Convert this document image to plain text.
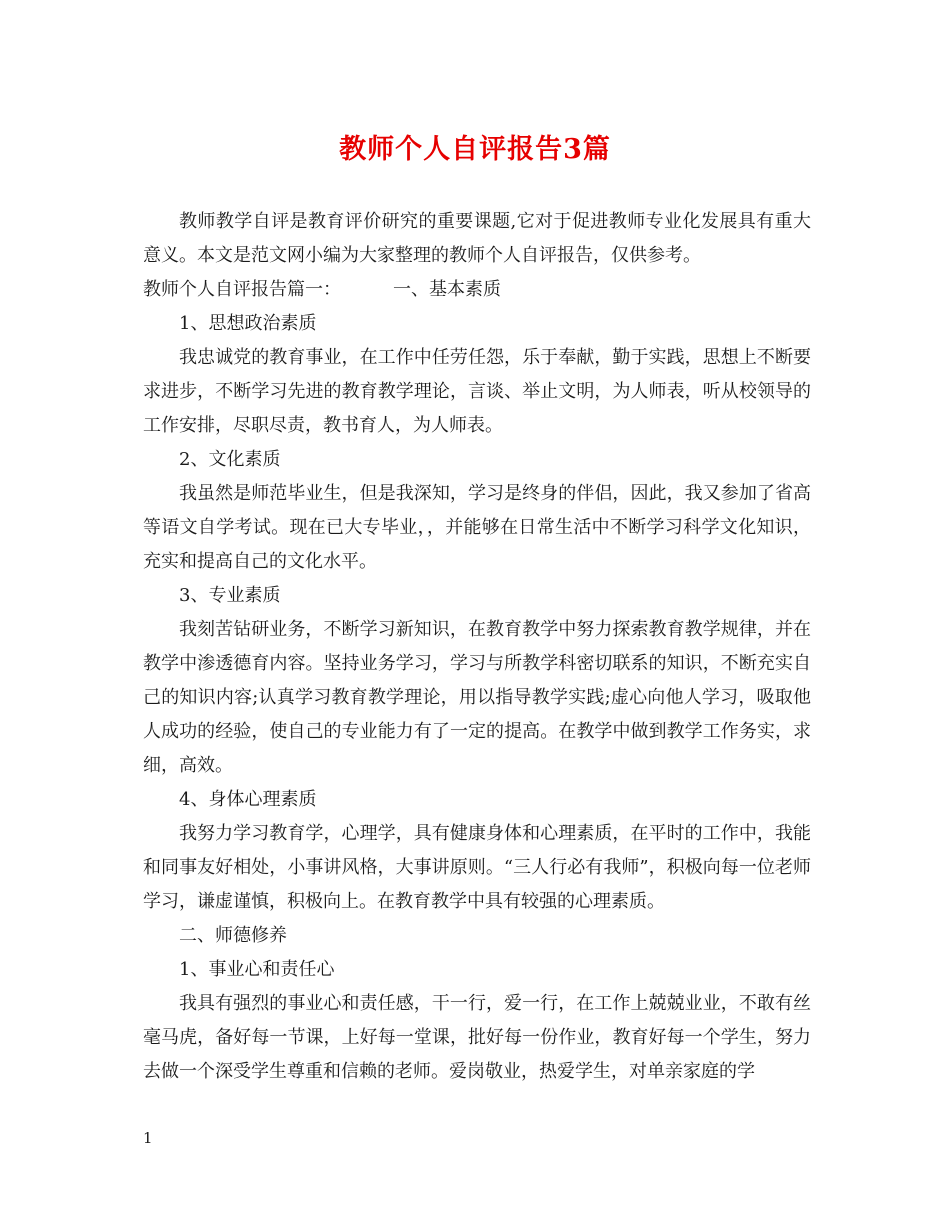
教师个人自评报告3篇

教师教学自评是教育评价研究的重要课题,它对于促进教师专业化发展具有重大意义。本文是范文网小编为大家整理的教师个人自评报告，仅供参考。

教师个人自评报告篇一：	一、基本素质

1、思想政治素质

我忠诚党的教育事业，在工作中任劳任怨，乐于奉献，勤于实践，思想上不断要求进步，不断学习先进的教育教学理论，言谈、举止文明，为人师表，听从校领导的工作安排，尽职尽责，教书育人，为人师表。

2、文化素质

我虽然是师范毕业生，但是我深知，学习是终身的伴侣，因此，我又参加了省高等语文自学考试。现在已大专毕业，，并能够在日常生活中不断学习科学文化知识，充实和提高自己的文化水平。

3、专业素质

我刻苦钻研业务，不断学习新知识，在教育教学中努力探索教育教学规律，并在教学中渗透德育内容。坚持业务学习，学习与所教学科密切联系的知识，不断充实自己的知识内容;认真学习教育教学理论，用以指导教学实践;虚心向他人学习，吸取他人成功的经验，使自己的专业能力有了一定的提高。在教学中做到教学工作务实，求细，高效。

4、身体心理素质

我努力学习教育学，心理学，具有健康身体和心理素质，在平时的工作中，我能和同事友好相处，小事讲风格，大事讲原则。“三人行必有我师”，积极向每一位老师学习，谦虚谨慎，积极向上。在教育教学中具有较强的心理素质。

二、师德修养

1、事业心和责任心

我具有强烈的事业心和责任感，干一行，爱一行，在工作上兢兢业业，不敢有丝毫马虎，备好每一节课，上好每一堂课，批好每一份作业，教育好每一个学生，努力去做一个深受学生尊重和信赖的老师。爱岗敬业，热爱学生，对单亲家庭的学

1
